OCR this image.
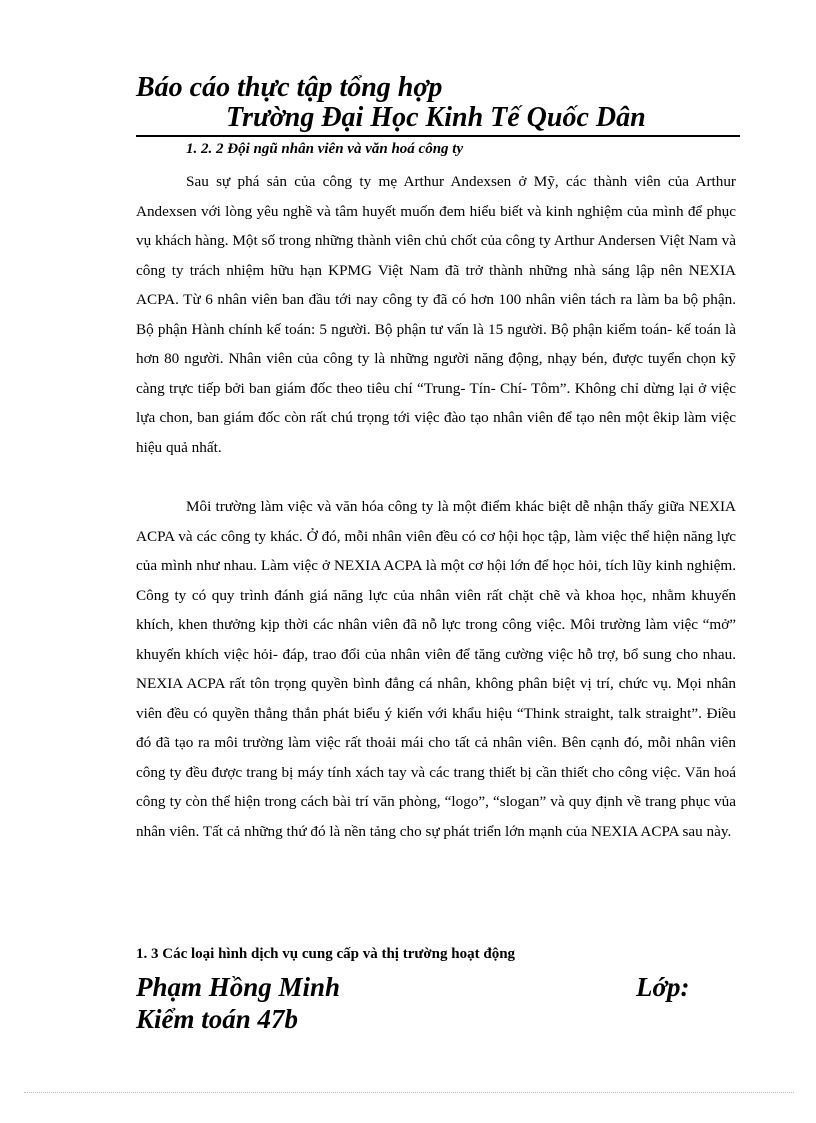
Báo cáo thực tập tổng hợp
Trường Đại Học Kinh Tế Quốc Dân
1. 2. 2 Đội ngũ nhân viên và văn hoá công ty

Sau sự phá sản của công ty mẹ Arthur Andexsen ở Mỹ, các thành viên của Arthur Andexsen với lòng yêu nghề và tâm huyết muốn đem hiểu biết và kinh nghiệm của mình để phục vụ khách hàng. Một số trong những thành viên chủ chốt của công ty Arthur Andersen Việt Nam và công ty trách nhiệm hữu hạn KPMG Việt Nam đã trở thành những nhà sáng lập nên NEXIA ACPA. Từ 6 nhân viên ban đầu tới nay công ty đã có hơn 100 nhân viên tách ra làm ba bộ phận. Bộ phận Hành chính kế toán: 5 người. Bộ phận tư vấn là 15 người. Bộ phận kiểm toán- kế toán là hơn 80 người. Nhân viên của công ty là những người năng động, nhạy bén, được tuyển chọn kỹ càng trực tiếp bởi ban giám đốc theo tiêu chí “Trung- Tín- Chí- Tôm”. Không chỉ dừng lại ở việc lựa chon, ban giám đốc còn rất chú trọng tới việc đào tạo nhân viên để tạo nên một êkip làm việc hiệu quả nhất.

Môi trường làm việc và văn hóa công ty là một điểm khác biệt dễ nhận thấy giữa NEXIA ACPA và các công ty khác. Ở đó, mỗi nhân viên đều có cơ hội học tập, làm việc thể hiện năng lực của mình như nhau. Làm việc ở NEXIA ACPA là một cơ hội lớn để học hỏi, tích lũy kinh nghiệm. Công ty có quy trình đánh giá năng lực của nhân viên rất chặt chẽ và khoa học, nhằm khuyến khích, khen thưởng kịp thời các nhân viên đã nỗ lực trong công việc. Môi trường làm việc “mở” khuyến khích việc hỏi- đáp, trao đổi của nhân viên để tăng cường việc hỗ trợ, bổ sung cho nhau. NEXIA ACPA rất tôn trọng quyền bình đẳng cá nhân, không phân biệt vị trí, chức vụ. Mọi nhân viên đều có quyền thẳng thắn phát biểu ý kiến với khẩu hiệu “Think straight, talk straight”. Điều đó đã tạo ra môi trường làm việc rất thoải mái cho tất cả nhân viên. Bên cạnh đó, mỗi nhân viên công ty đều được trang bị máy tính xách tay và các trang thiết bị cần thiết cho công việc. Văn hoá công ty còn thể hiện trong cách bài trí văn phòng, “logo”, “slogan” và quy định về trang phục vủa nhân viên. Tất cả những thứ đó là nền tảng cho sự phát triển lớn mạnh của NEXIA ACPA sau này.

1. 3 Các loại hình dịch vụ cung cấp và thị trường hoạt động
Phạm Hồng Minh	Lớp:
Kiểm toán 47b
